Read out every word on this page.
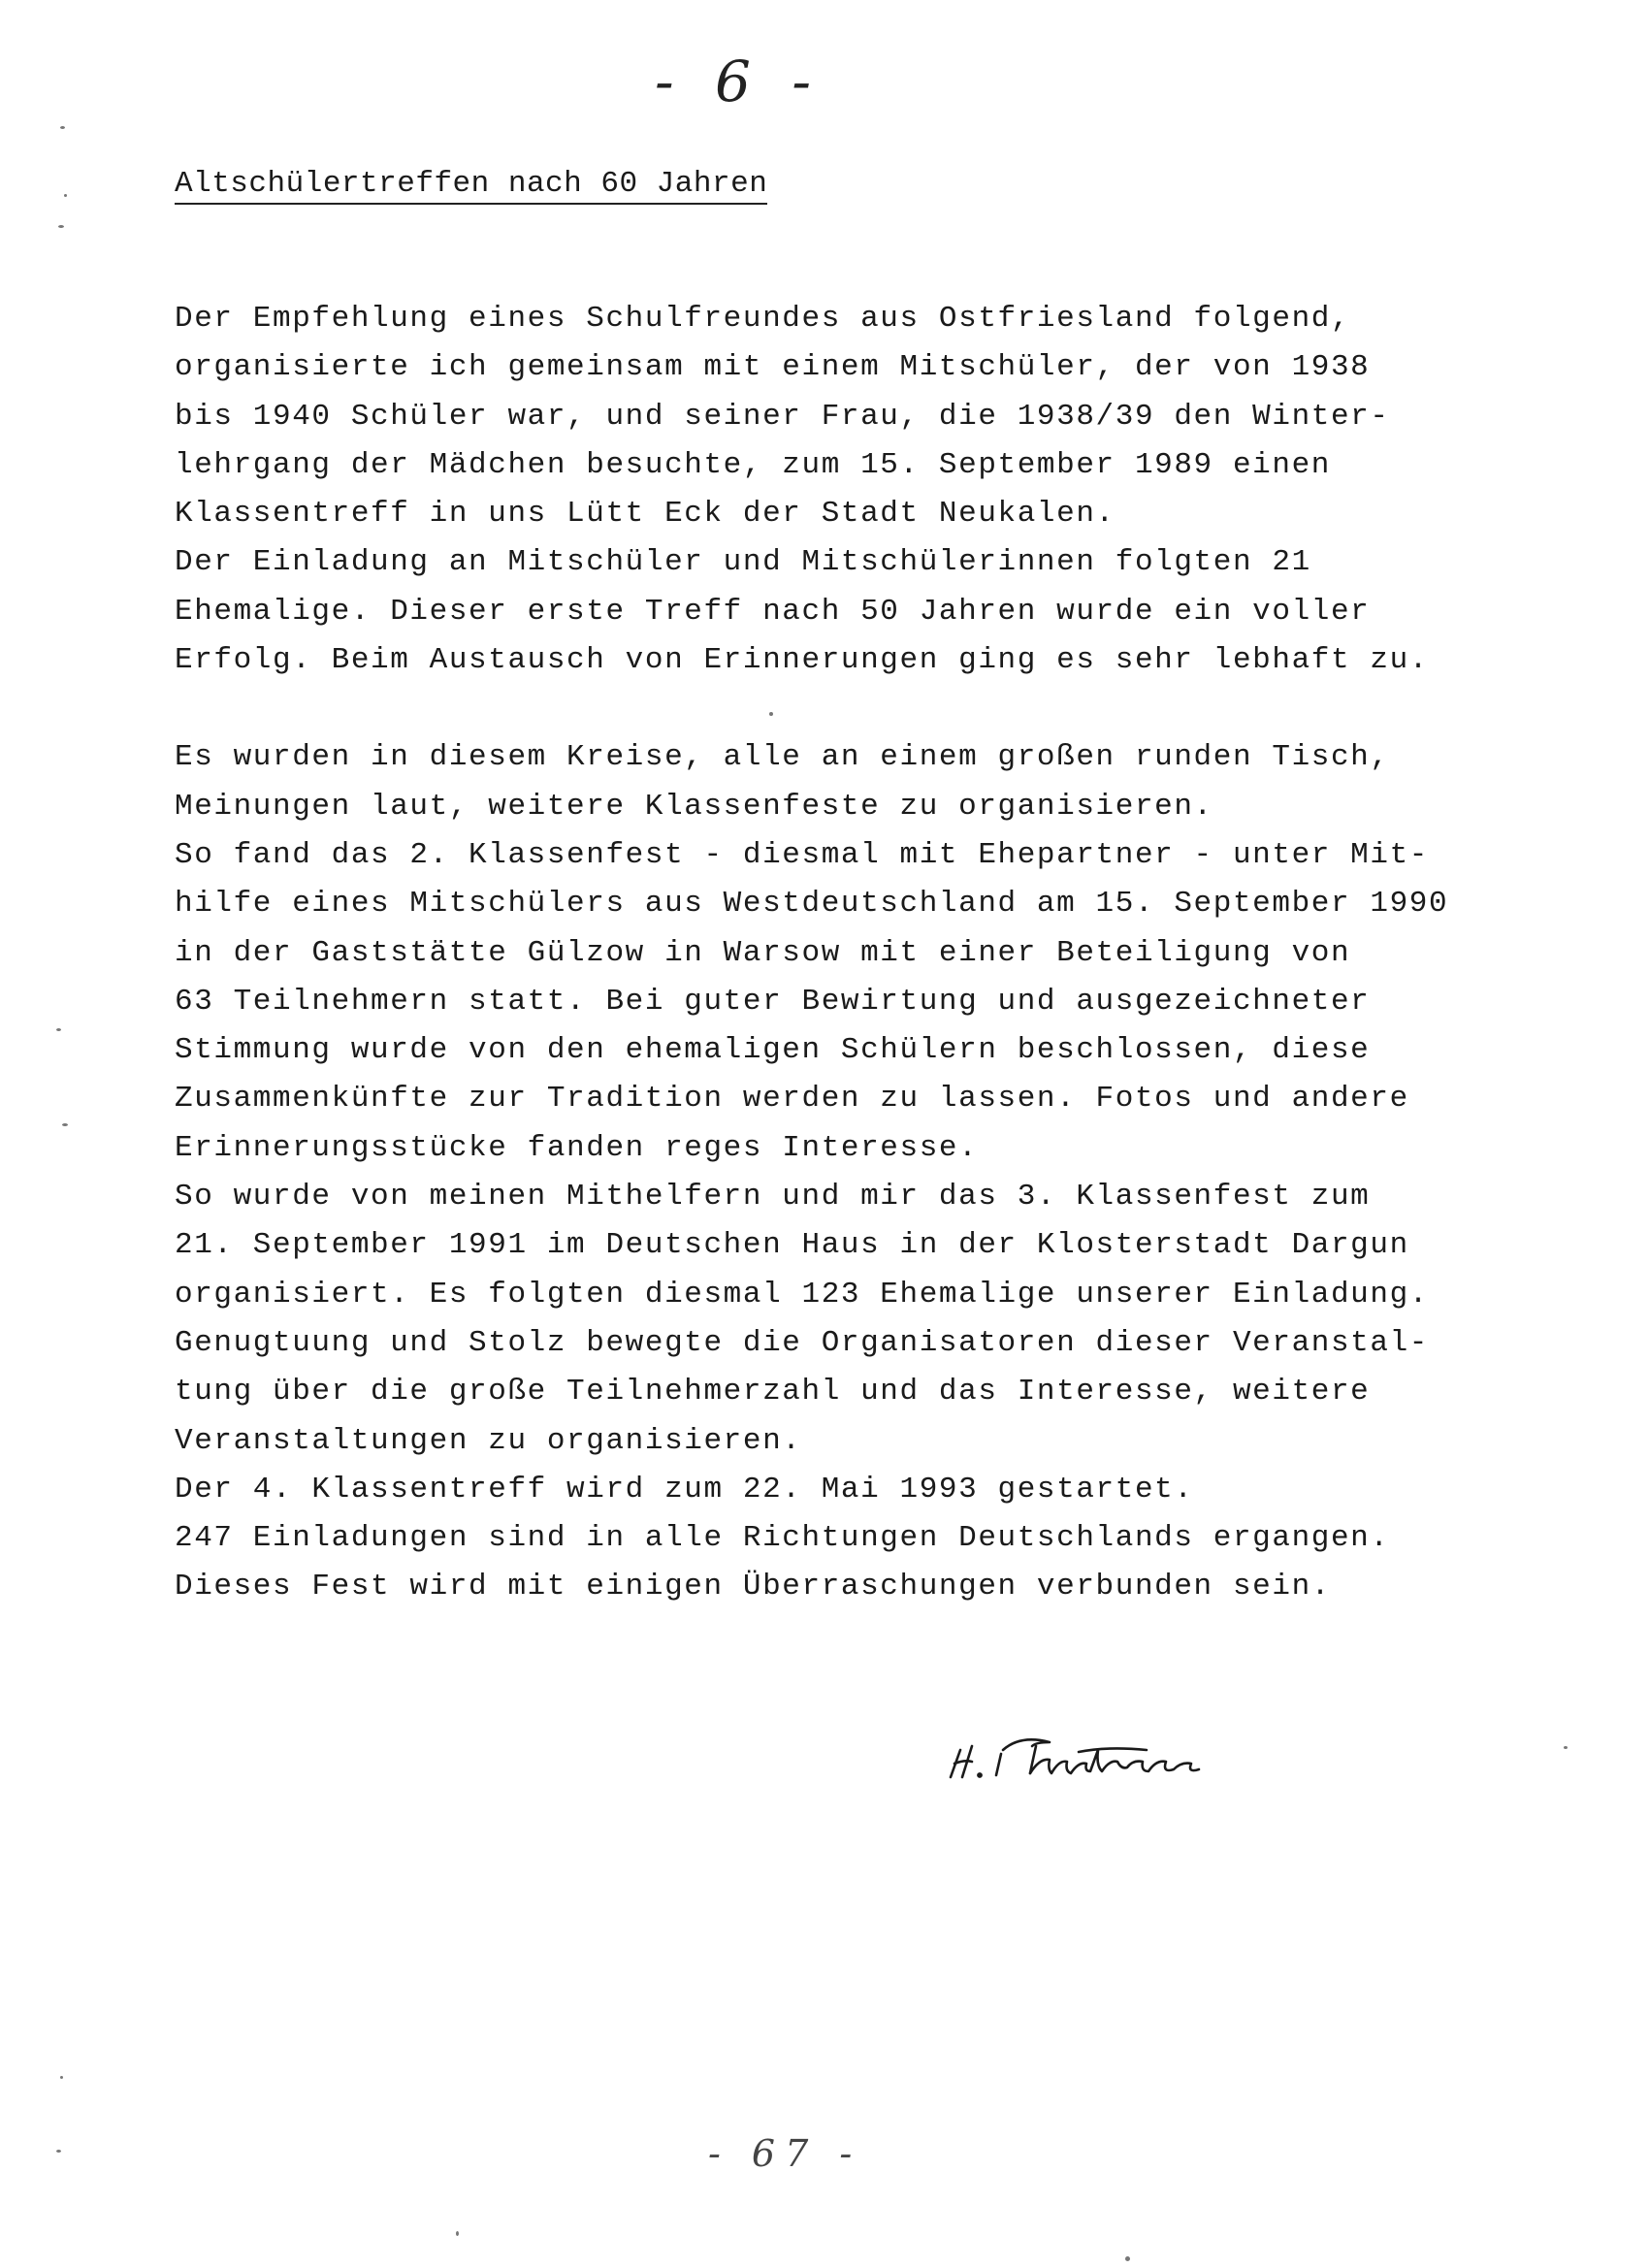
- 6 -
Altschülertreffen nach 60 Jahren
Der Empfehlung eines Schulfreundes aus Ostfriesland folgend,
organisierte ich gemeinsam mit einem Mitschüler, der von 1938
bis 1940 Schüler war, und seiner Frau, die 1938/39 den Winter-
lehrgang der Mädchen besuchte, zum 15. September 1989 einen
Klassentreff in uns Lütt Eck der Stadt Neukalen.
Der Einladung an Mitschüler und Mitschülerinnen folgten 21
Ehemalige. Dieser erste Treff nach 50 Jahren wurde ein voller
Erfolg. Beim Austausch von Erinnerungen ging es sehr lebhaft zu.
Es wurden in diesem Kreise, alle an einem großen runden Tisch,
Meinungen laut, weitere Klassenfeste zu organisieren.
So fand das 2. Klassenfest - diesmal mit Ehepartner - unter Mit-
hilfe eines Mitschülers aus Westdeutschland am 15. September 1990
in der Gaststätte Gülzow in Warsow mit einer Beteiligung von
63 Teilnehmern statt. Bei guter Bewirtung und ausgezeichneter
Stimmung wurde von den ehemaligen Schülern beschlossen, diese
Zusammenkünfte zur Tradition werden zu lassen. Fotos und andere
Erinnerungsstücke fanden reges Interesse.
So wurde von meinen Mithelfern und mir das 3. Klassenfest zum
21. September 1991 im Deutschen Haus in der Klosterstadt Dargun
organisiert. Es folgten diesmal 123 Ehemalige unserer Einladung.
Genugtuung und Stolz bewegte die Organisatoren dieser Veranstal-
tung über die große Teilnehmerzahl und das Interesse, weitere
Veranstaltungen zu organisieren.
Der 4. Klassentreff wird zum 22. Mai 1993 gestartet.
247 Einladungen sind in alle Richtungen Deutschlands ergangen.
Dieses Fest wird mit einigen Überraschungen verbunden sein.
- 67 -
